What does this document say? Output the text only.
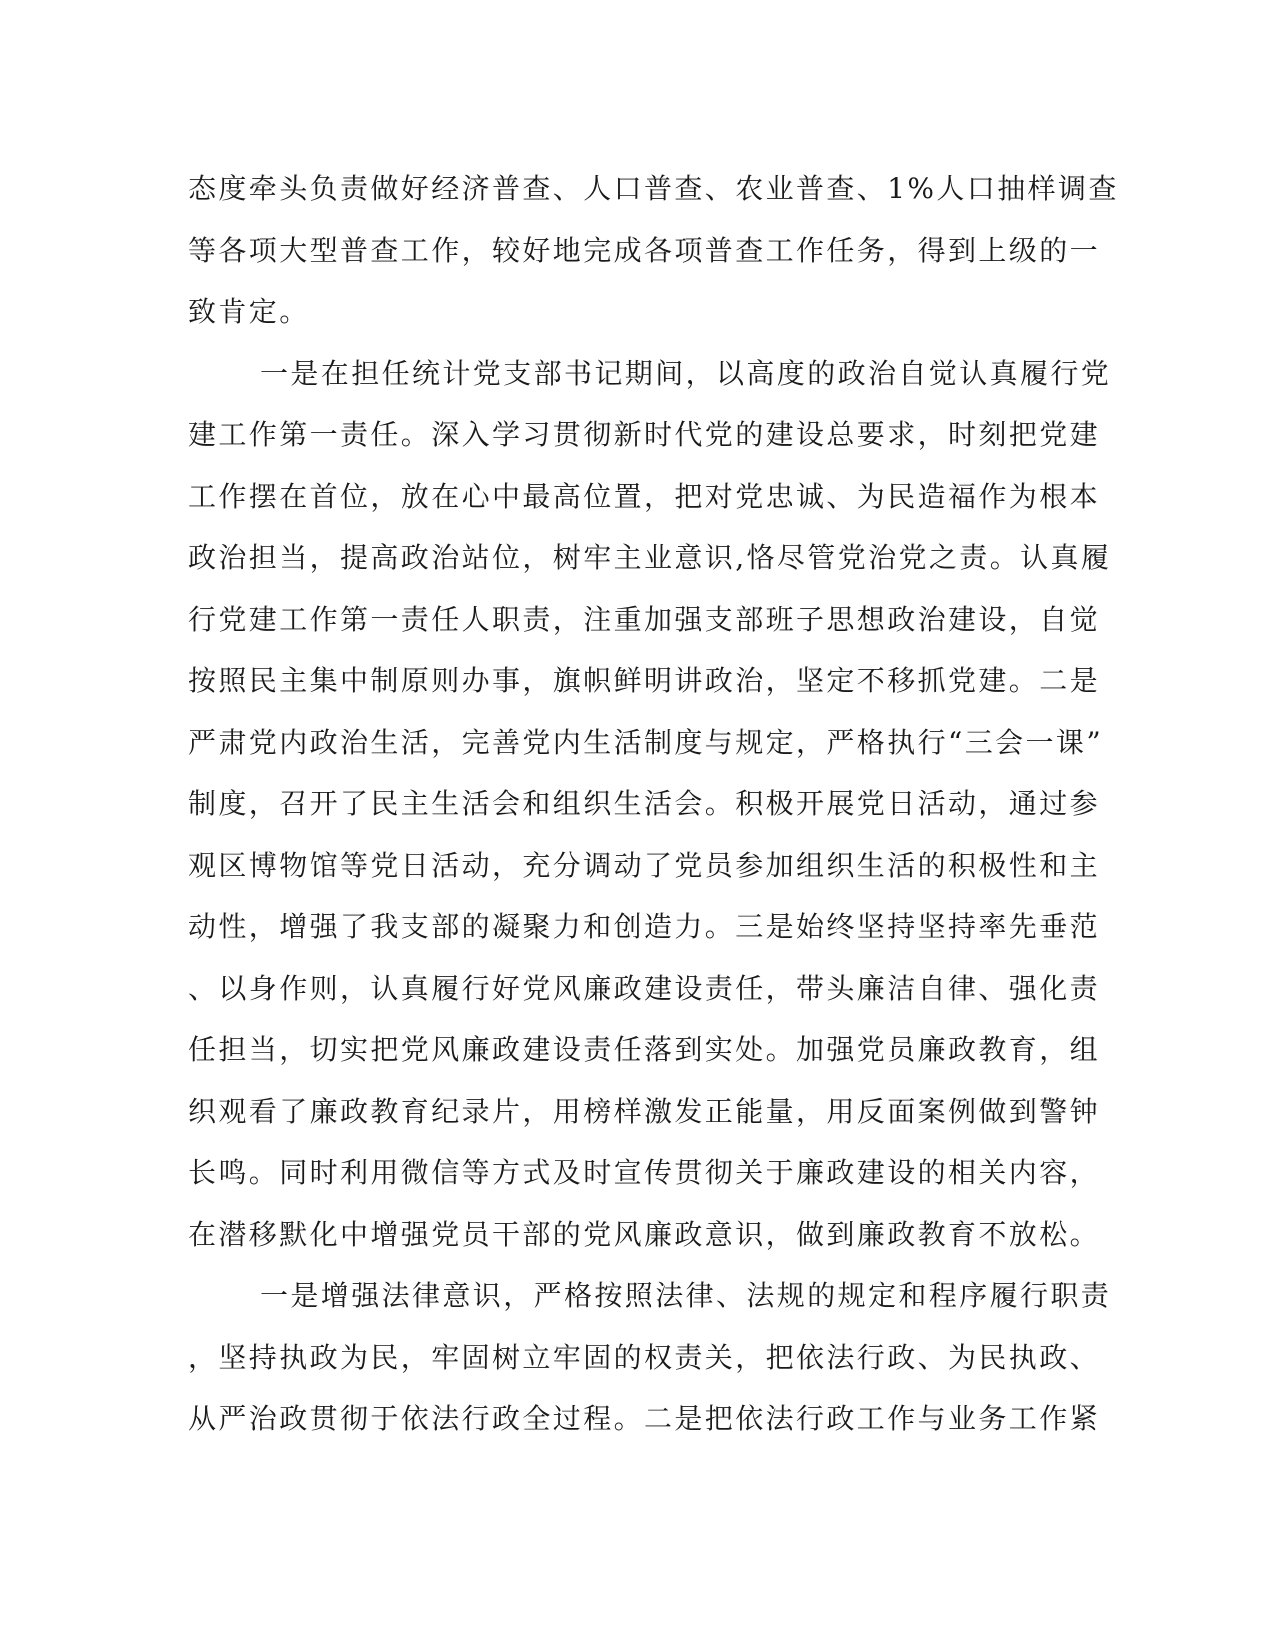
态度牵头负责做好经济普查、人口普查、农业普查、1%人口抽样调查
等各项大型普查工作，较好地完成各项普查工作任务，得到上级的一
致肯定。
一是在担任统计党支部书记期间，以高度的政治自觉认真履行党
建工作第一责任。深入学习贯彻新时代党的建设总要求，时刻把党建
工作摆在首位，放在心中最高位置，把对党忠诚、为民造福作为根本
政治担当，提高政治站位，树牢主业意识,恪尽管党治党之责。认真履
行党建工作第一责任人职责，注重加强支部班子思想政治建设，自觉
按照民主集中制原则办事，旗帜鲜明讲政治，坚定不移抓党建。二是
严肃党内政治生活，完善党内生活制度与规定，严格执行“三会一课”
制度，召开了民主生活会和组织生活会。积极开展党日活动，通过参
观区博物馆等党日活动，充分调动了党员参加组织生活的积极性和主
动性，增强了我支部的凝聚力和创造力。三是始终坚持坚持率先垂范
、以身作则，认真履行好党风廉政建设责任，带头廉洁自律、强化责
任担当，切实把党风廉政建设责任落到实处。加强党员廉政教育，组
织观看了廉政教育纪录片，用榜样激发正能量，用反面案例做到警钟
长鸣。同时利用微信等方式及时宣传贯彻关于廉政建设的相关内容，
在潜移默化中增强党员干部的党风廉政意识，做到廉政教育不放松。
一是增强法律意识，严格按照法律、法规的规定和程序履行职责
，坚持执政为民，牢固树立牢固的权责关，把依法行政、为民执政、
从严治政贯彻于依法行政全过程。二是把依法行政工作与业务工作紧
